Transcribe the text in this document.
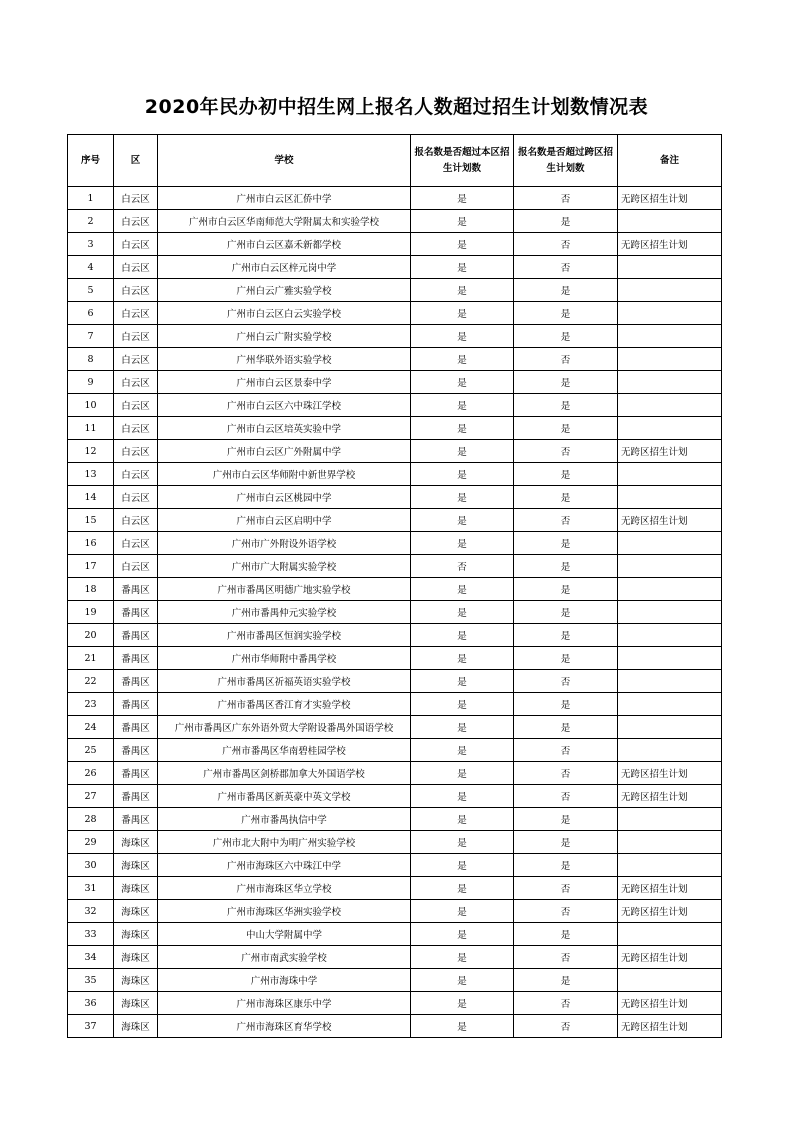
2020年民办初中招生网上报名人数超过招生计划数情况表
序号	区	学校	报名数是否超过本区招生计划数	报名数是否超过跨区招生计划数	备注
1	白云区	广州市白云区汇侨中学	是	否	无跨区招生计划
2	白云区	广州市白云区华南师范大学附属太和实验学校	是	是	
3	白云区	广州市白云区嘉禾新都学校	是	否	无跨区招生计划
4	白云区	广州市白云区梓元岗中学	是	否	
5	白云区	广州白云广雅实验学校	是	是	
6	白云区	广州市白云区白云实验学校	是	是	
7	白云区	广州白云广附实验学校	是	是	
8	白云区	广州华联外语实验学校	是	否	
9	白云区	广州市白云区景泰中学	是	是	
10	白云区	广州市白云区六中珠江学校	是	是	
11	白云区	广州市白云区培英实验中学	是	是	
12	白云区	广州市白云区广外附属中学	是	否	无跨区招生计划
13	白云区	广州市白云区华师附中新世界学校	是	是	
14	白云区	广州市白云区桃园中学	是	是	
15	白云区	广州市白云区启明中学	是	否	无跨区招生计划
16	白云区	广州市广外附设外语学校	是	是	
17	白云区	广州市广大附属实验学校	否	是	
18	番禺区	广州市番禺区明德广地实验学校	是	是	
19	番禺区	广州市番禺仲元实验学校	是	是	
20	番禺区	广州市番禺区恒润实验学校	是	是	
21	番禺区	广州市华师附中番禺学校	是	是	
22	番禺区	广州市番禺区祈福英语实验学校	是	否	
23	番禺区	广州市番禺区香江育才实验学校	是	是	
24	番禺区	广州市番禺区广东外语外贸大学附设番禺外国语学校	是	是	
25	番禺区	广州市番禺区华南碧桂园学校	是	否	
26	番禺区	广州市番禺区剑桥郡加拿大外国语学校	是	否	无跨区招生计划
27	番禺区	广州市番禺区新英豪中英文学校	是	否	无跨区招生计划
28	番禺区	广州市番禺执信中学	是	是	
29	海珠区	广州市北大附中为明广州实验学校	是	是	
30	海珠区	广州市海珠区六中珠江中学	是	是	
31	海珠区	广州市海珠区华立学校	是	否	无跨区招生计划
32	海珠区	广州市海珠区华洲实验学校	是	否	无跨区招生计划
33	海珠区	中山大学附属中学	是	是	
34	海珠区	广州市南武实验学校	是	否	无跨区招生计划
35	海珠区	广州市海珠中学	是	是	
36	海珠区	广州市海珠区康乐中学	是	否	无跨区招生计划
37	海珠区	广州市海珠区育华学校	是	否	无跨区招生计划
